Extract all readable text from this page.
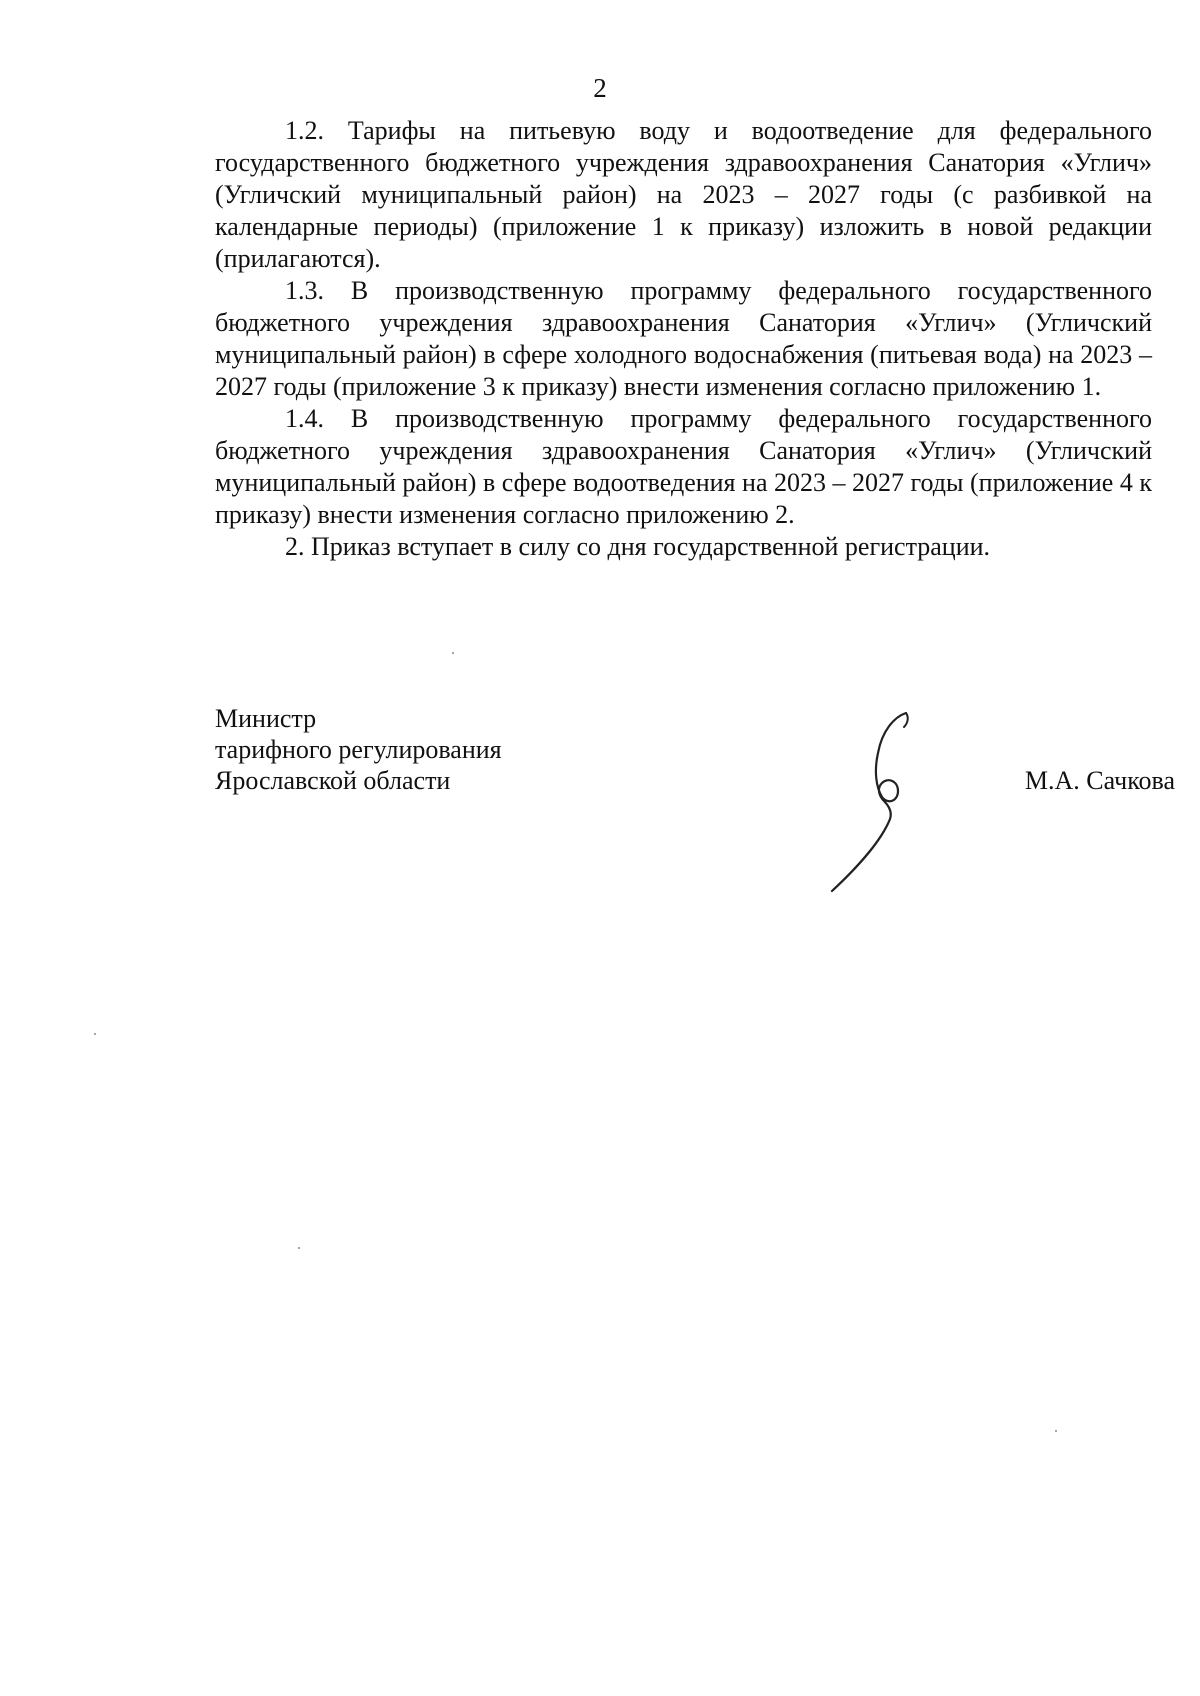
2

1.2. Тарифы на питьевую воду и водоотведение для федерального государственного бюджетного учреждения здравоохранения Санатория «Углич» (Угличский муниципальный район) на 2023 – 2027 годы (с разбивкой на календарные периоды) (приложение 1 к приказу) изложить в новой редакции (прилагаются).

1.3. В производственную программу федерального государственного бюджетного учреждения здравоохранения Санатория «Углич» (Угличский муниципальный район) в сфере холодного водоснабжения (питьевая вода) на 2023 – 2027 годы (приложение 3 к приказу) внести изменения согласно приложению 1.

1.4. В производственную программу федерального государственного бюджетного учреждения здравоохранения Санатория «Углич» (Угличский муниципальный район) в сфере водоотведения на 2023 – 2027 годы (приложение 4 к приказу) внести изменения согласно приложению 2.

2. Приказ вступает в силу со дня государственной регистрации.

Министр
тарифного регулирования
Ярославской области	М.А. Сачкова
